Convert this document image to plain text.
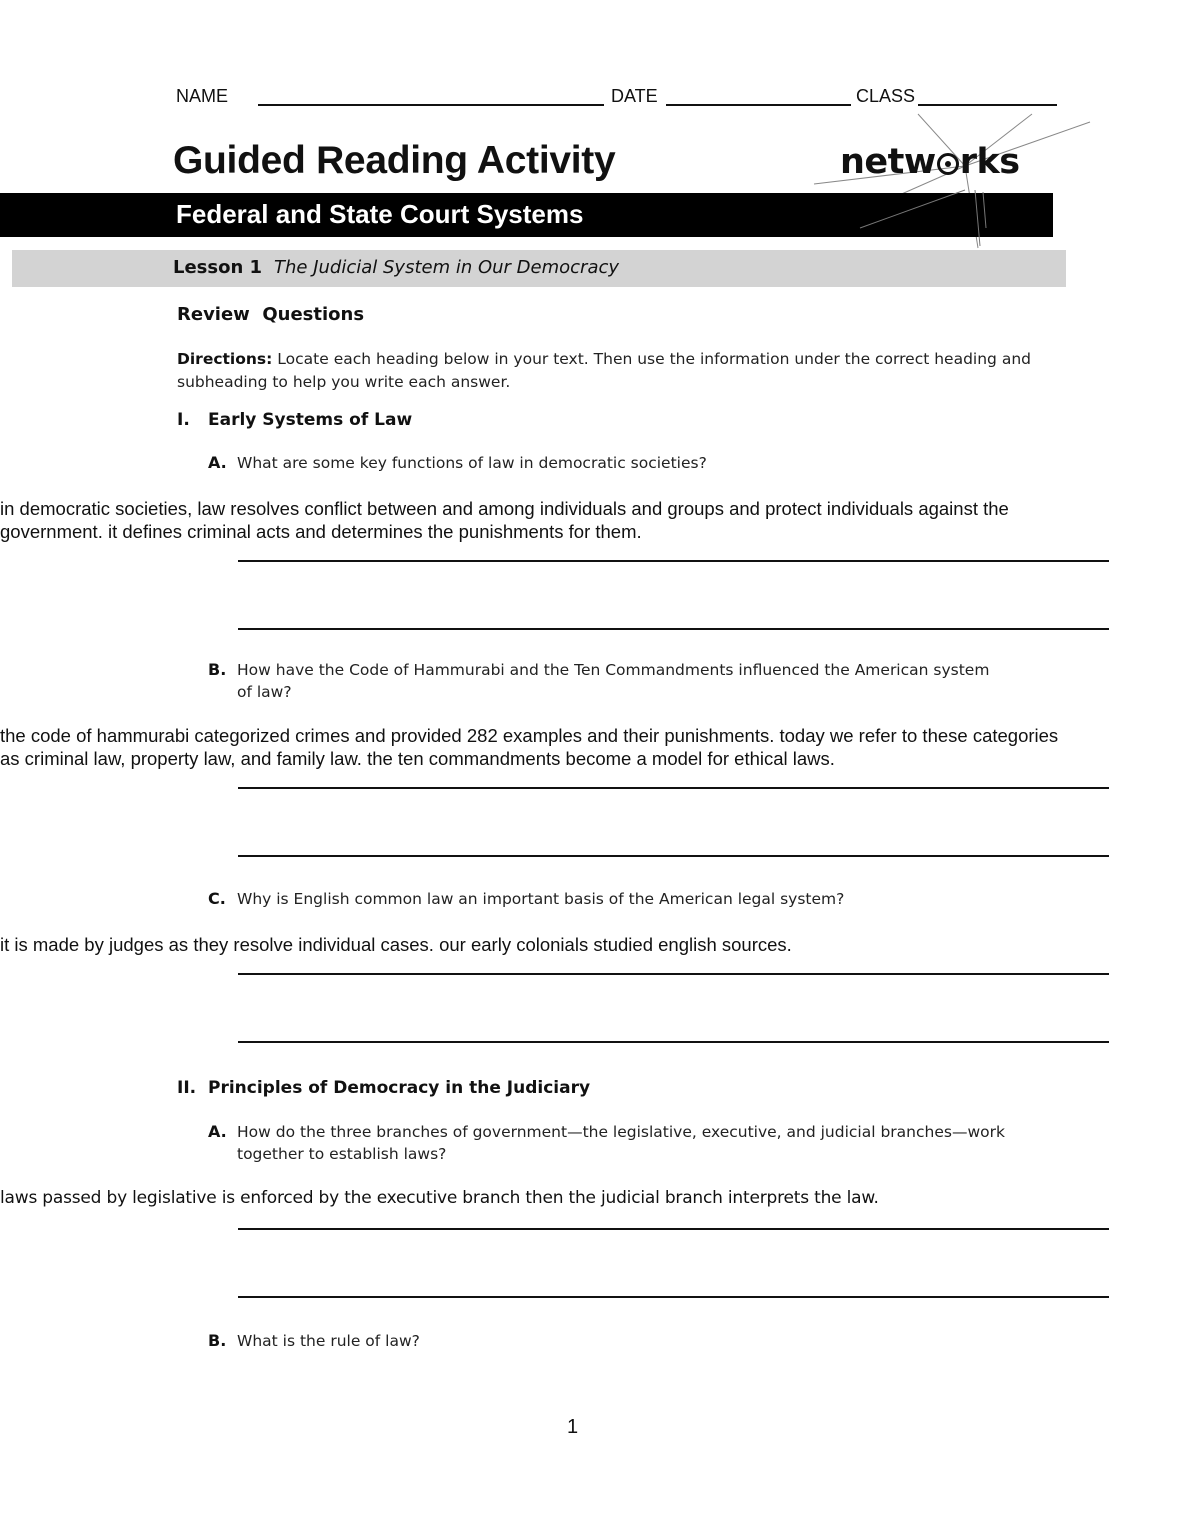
NAME	DATE	CLASS
Guided Reading Activity	netw rks
Federal and State Court Systems
Lesson 1 The Judicial System in Our Democracy
Review  Questions
Directions: Locate each heading below in your text. Then use the information under the correct heading and subheading to help you write each answer.
I. Early Systems of Law
A. What are some key functions of law in democratic societies?
in democratic societies, law resolves conflict between and among individuals and groups and protect individuals against the
government. it defines criminal acts and determines the punishments for them.
B. How have the Code of Hammurabi and the Ten Commandments influenced the American system
of law?
the code of hammurabi categorized crimes and provided 282 examples and their punishments. today we refer to these categories
as criminal law, property law, and family law. the ten commandments become a model for ethical laws.
C. Why is English common law an important basis of the American legal system?
it is made by judges as they resolve individual cases. our early colonials studied english sources.
II. Principles of Democracy in the Judiciary
A. How do the three branches of government—the legislative, executive, and judicial branches—work
together to establish laws?
laws passed by legislative is enforced by the executive branch then the judicial branch interprets the law.
B. What is the rule of law?
1
